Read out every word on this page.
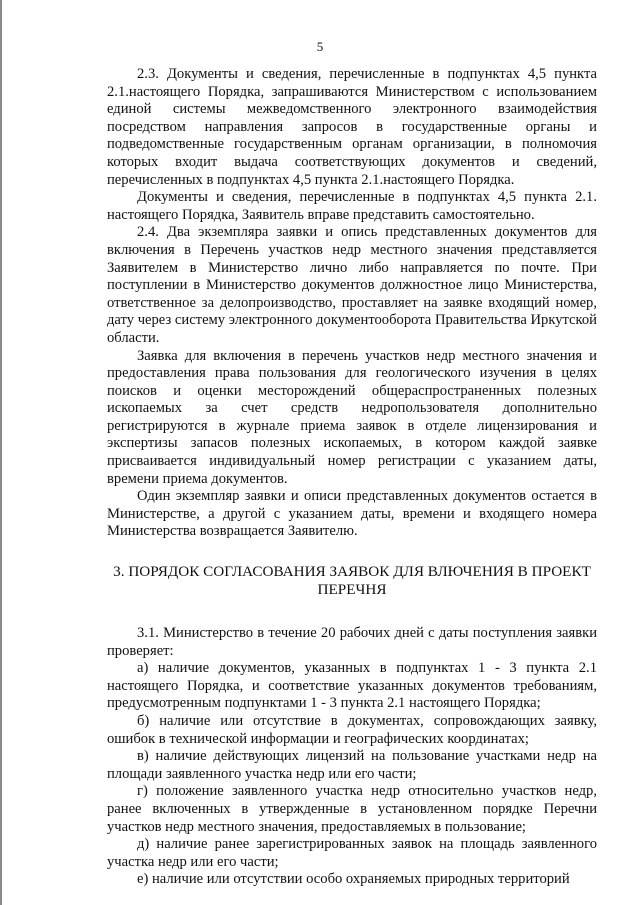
5

2.3. Документы и сведения, перечисленные в подпунктах 4,5 пункта 2.1.настоящего Порядка, запрашиваются Министерством с использованием единой системы межведомственного электронного взаимодействия посредством направления запросов в государственные органы и подведомственные государственным органам организации, в полномочия которых входит выдача соответствующих документов и сведений, перечисленных в подпунктах 4,5 пункта 2.1.настоящего Порядка.

Документы и сведения, перечисленные в подпунктах 4,5 пункта 2.1. настоящего Порядка, Заявитель вправе представить самостоятельно.

2.4. Два экземпляра заявки и опись представленных документов для включения в Перечень участков недр местного значения представляется Заявителем в Министерство лично либо направляется по почте. При поступлении в Министерство документов должностное лицо Министерства, ответственное за делопроизводство, проставляет на заявке входящий номер, дату через систему электронного документооборота Правительства Иркутской области.

Заявка для включения в перечень участков недр местного значения и предоставления права пользования для геологического изучения в целях поисков и оценки месторождений общераспространенных полезных ископаемых за счет средств недропользователя дополнительно регистрируются в журнале приема заявок в отделе лицензирования и экспертизы запасов полезных ископаемых, в котором каждой заявке присваивается индивидуальный номер регистрации с указанием даты, времени приема документов.

Один экземпляр заявки и описи представленных документов остается в Министерстве, а другой с указанием даты, времени и входящего номера Министерства возвращается Заявителю.

3. ПОРЯДОК СОГЛАСОВАНИЯ ЗАЯВОК ДЛЯ ВЛЮЧЕНИЯ В ПРОЕКТ ПЕРЕЧНЯ

3.1. Министерство в течение 20 рабочих дней с даты поступления заявки проверяет:

а) наличие документов, указанных в подпунктах 1 - 3 пункта 2.1 настоящего Порядка, и соответствие указанных документов требованиям, предусмотренным подпунктами 1 - 3 пункта 2.1 настоящего Порядка;

б) наличие или отсутствие в документах, сопровождающих заявку, ошибок в технической информации и географических координатах;

в) наличие действующих лицензий на пользование участками недр на площади заявленного участка недр или его части;

г) положение заявленного участка недр относительно участков недр, ранее включенных в утвержденные в установленном порядке Перечни участков недр местного значения, предоставляемых в пользование;

д) наличие ранее зарегистрированных заявок на площадь заявленного участка недр или его части;

е) наличие или отсутствии особо охраняемых природных территорий
